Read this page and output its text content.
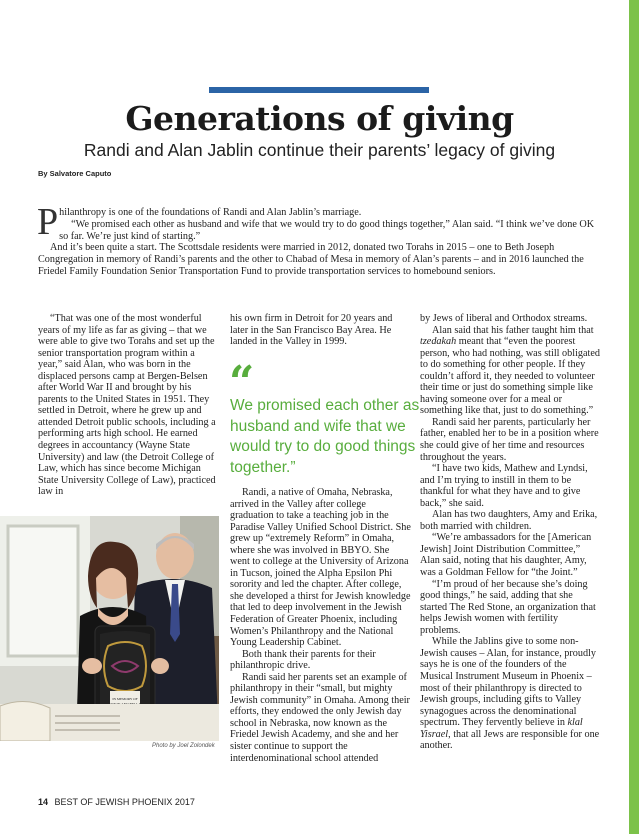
Generations of giving
Randi and Alan Jablin continue their parents’ legacy of giving
By Salvatore Caputo

Philanthropy is one of the foundations of Randi and Alan Jablin’s marriage.

“We promised each other as husband and wife that we would try to do good things together,” Alan said. “I think we’ve done OK so far. We’re just kind of starting.”

And it’s been quite a start. The Scottsdale residents were married in 2012, donated two Torahs in 2015 – one to Beth Joseph Congregation in memory of Randi’s parents and the other to Chabad of Mesa in memory of Alan’s parents – and in 2016 launched the Friedel Family Foundation Senior Transportation Fund to provide transportation services to homebound seniors.

“That was one of the most wonderful years of my life as far as giving – that we were able to give two Torahs and set up the senior transportation program within a year,” said Alan, who was born in the displaced persons camp at Bergen-Belsen after World War II and brought by his parents to the United States in 1951. They settled in Detroit, where he grew up and attended Detroit public schools, including a performing arts high school. He earned degrees in accountancy (Wayne State University) and law (the Detroit College of Law, which has since become Michigan State University College of Law), practiced law in

his own firm in Detroit for 20 years and later in the San Francisco Bay Area. He landed in the Valley in 1999.

“
We promised each other as husband and wife that we would try to do good things together.”

Randi, a native of Omaha, Nebraska, arrived in the Valley after college graduation to take a teaching job in the Paradise Valley Unified School District. She grew up “extremely Reform” in Omaha, where she was involved in BBYO. She went to college at the University of Arizona in Tucson, joined the Alpha Epsilon Phi sorority and led the chapter. After college, she developed a thirst for Jewish knowledge that led to deep involvement in the Jewish Federation of Greater Phoenix, including Women’s Philanthropy and the National Young Leadership Cabinet.

Both thank their parents for their philanthropic drive.

Randi said her parents set an example of philanthropy in their “small, but mighty Jewish community” in Omaha. Among their efforts, they endowed the only Jewish day school in Nebraska, now known as the Friedel Jewish Academy, and she and her sister continue to support the interdenominational school attended

by Jews of liberal and Orthodox streams.

Alan said that his father taught him that tzedakah meant that “even the poorest person, who had nothing, was still obligated to do something for other people. If they couldn’t afford it, they needed to volunteer their time or just do something simple like having someone over for a meal or something like that, just to do something.”

Randi said her parents, particularly her father, enabled her to be in a position where she could give of her time and resources throughout the years.

“I have two kids, Mathew and Lyndsi, and I’m trying to instill in them to be thankful for what they have and to give back,” she said.

Alan has two daughters, Amy and Erika, both married with children.

“We’re ambassadors for the [American Jewish] Joint Distribution Committee,” Alan said, noting that his daughter, Amy, was a Goldman Fellow for “the Joint.”

“I’m proud of her because she’s doing good things,” he said, adding that she started The Red Stone, an organization that helps Jewish women with fertility problems.

While the Jablins give to some non-Jewish causes – Alan, for instance, proudly says he is one of the founders of the Musical Instrument Museum in Phoenix – most of their philanthropy is directed to Jewish groups, including gifts to Valley synagogues across the denominational spectrum. They fervently believe in klal Yisrael, that all Jews are responsible for one another.

IN MEMORY OF
Photo by Joel Zolondek
14 BEST OF JEWISH PHOENIX 2017
